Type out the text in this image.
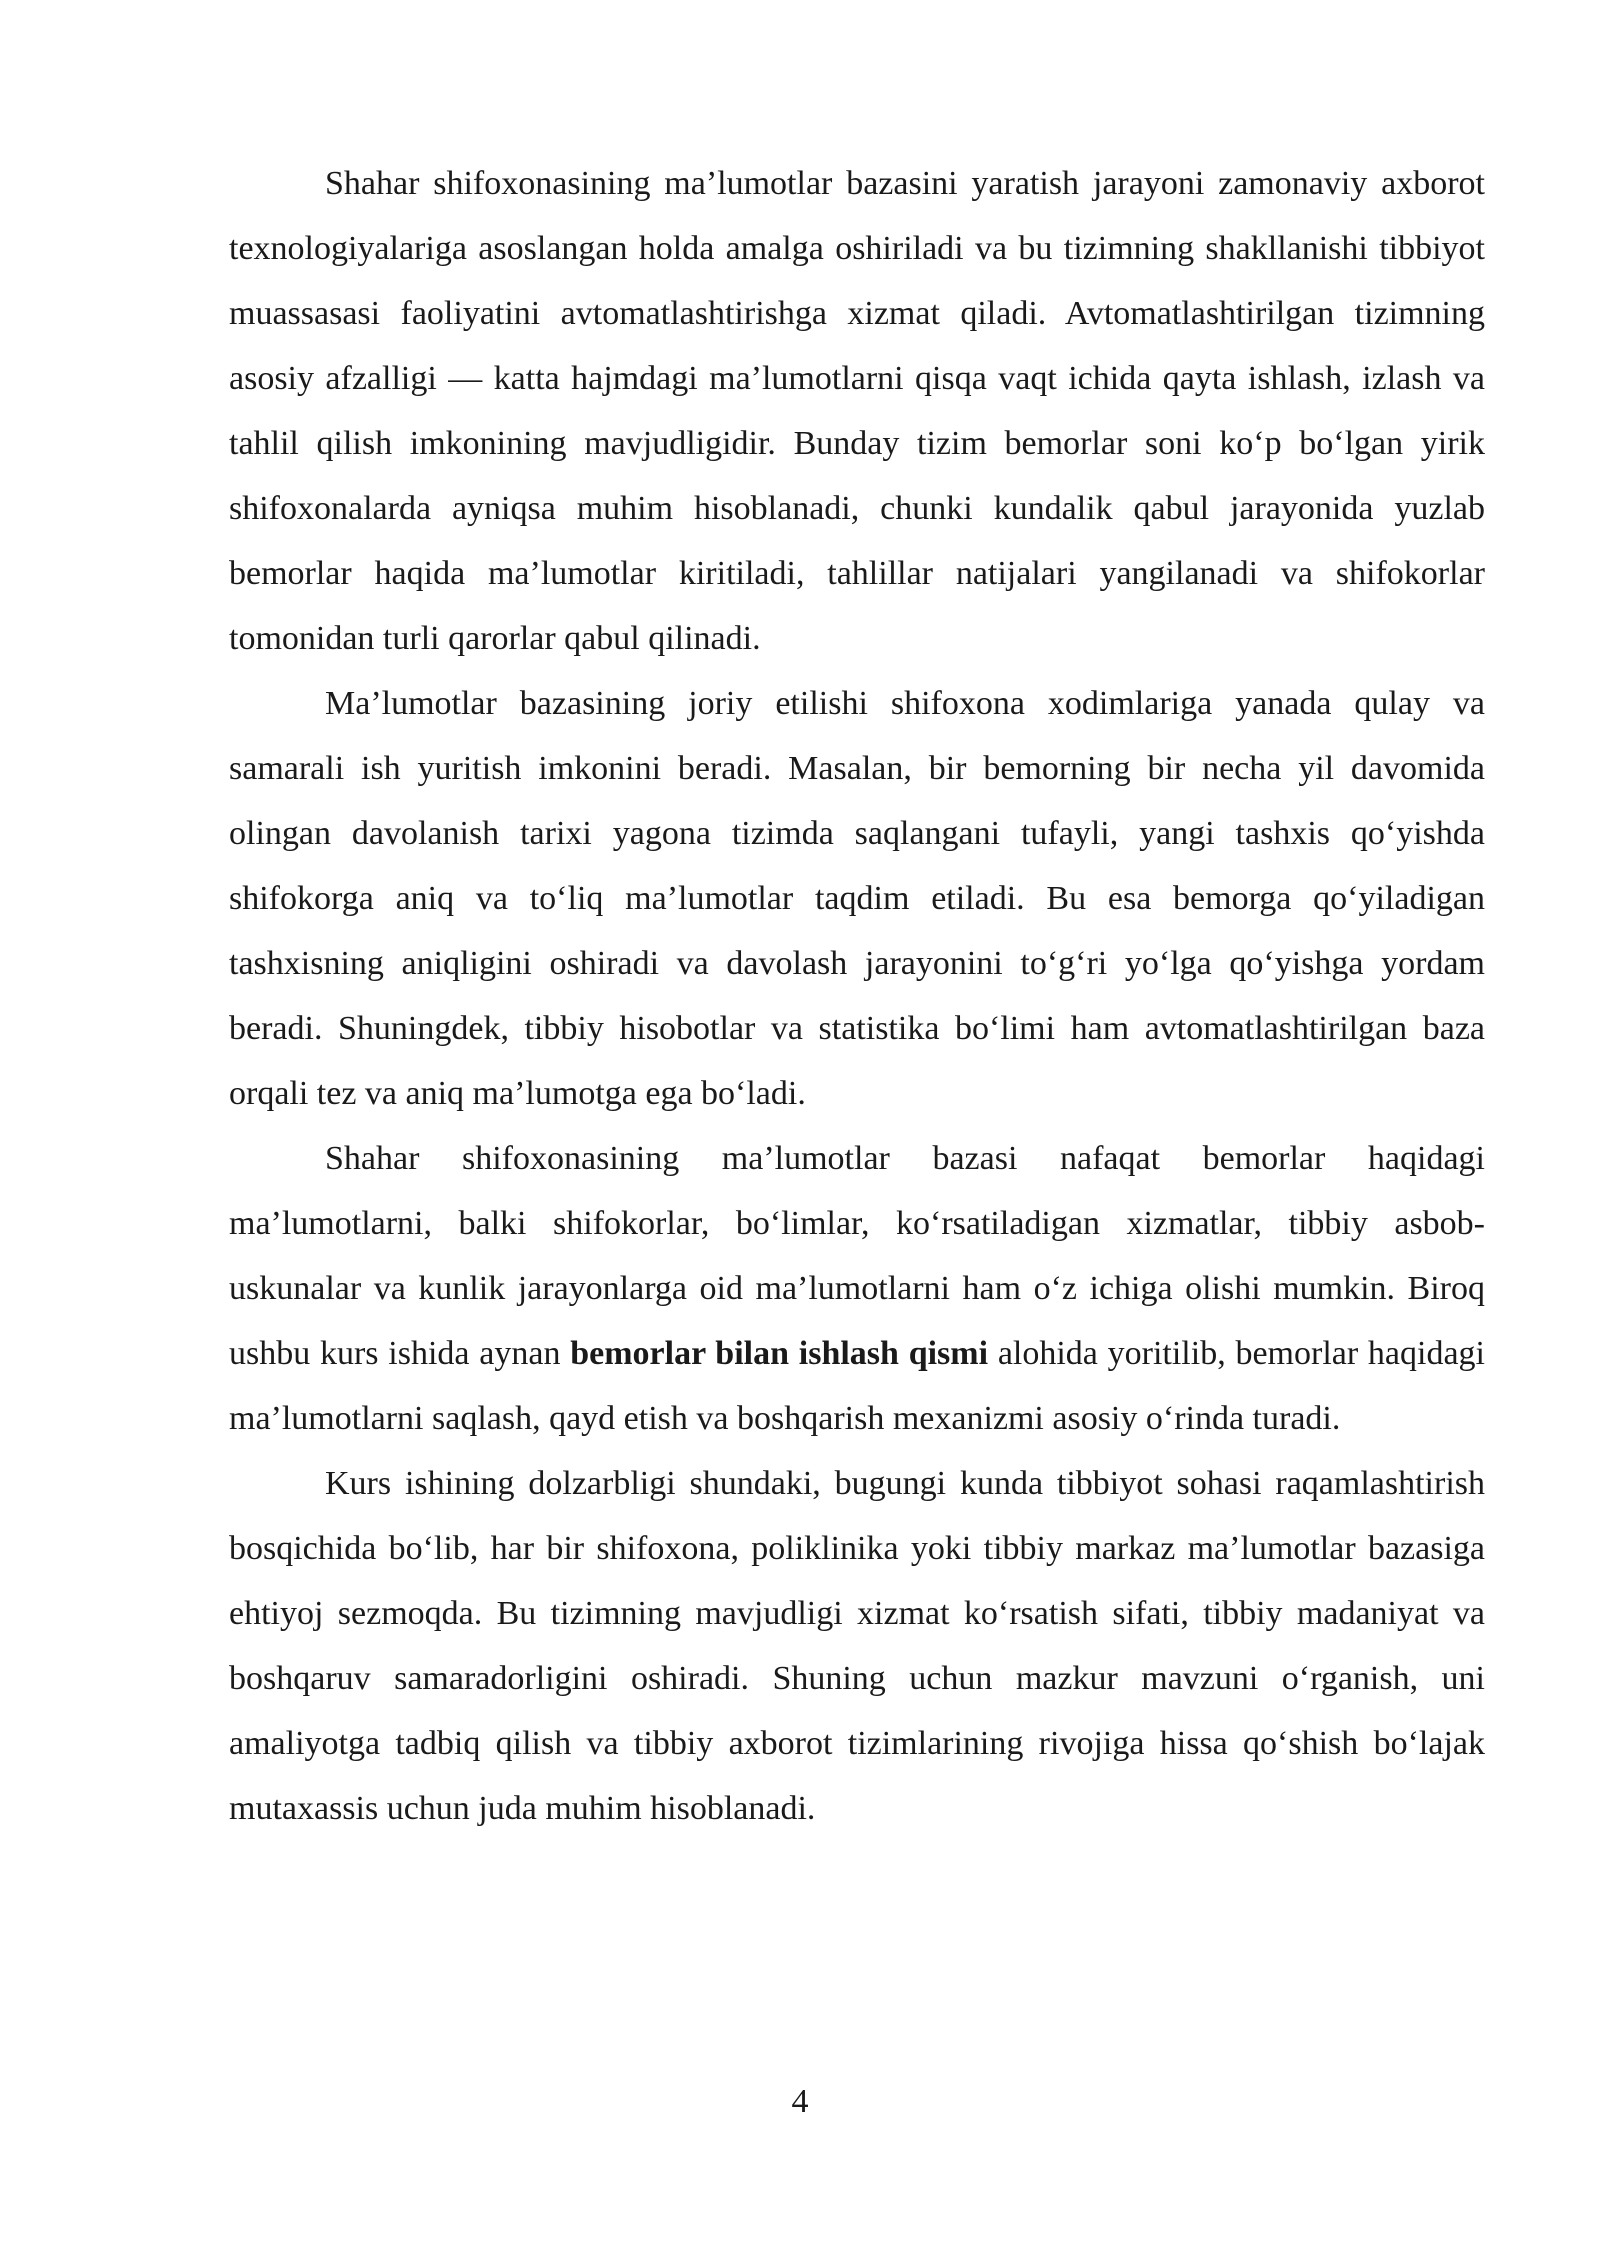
Shahar shifoxonasining ma’lumotlar bazasini yaratish jarayoni zamonaviy axborot texnologiyalariga asoslangan holda amalga oshiriladi va bu tizimning shakllanishi tibbiyot muassasasi faoliyatini avtomatlashtirishga xizmat qiladi. Avtomatlashtirilgan tizimning asosiy afzalligi — katta hajmdagi ma’lumotlarni qisqa vaqt ichida qayta ishlash, izlash va tahlil qilish imkonining mavjudligidir. Bunday tizim bemorlar soni koʻp boʻlgan yirik shifoxonalarda ayniqsa muhim hisoblanadi, chunki kundalik qabul jarayonida yuzlab bemorlar haqida ma’lumotlar kiritiladi, tahlillar natijalari yangilanadi va shifokorlar tomonidan turli qarorlar qabul qilinadi.

Ma’lumotlar bazasining joriy etilishi shifoxona xodimlariga yanada qulay va samarali ish yuritish imkonini beradi. Masalan, bir bemorning bir necha yil davomida olingan davolanish tarixi yagona tizimda saqlangani tufayli, yangi tashxis qoʻyishda shifokorga aniq va toʻliq ma’lumotlar taqdim etiladi. Bu esa bemorga qoʻyiladigan tashxisning aniqligini oshiradi va davolash jarayonini toʻgʻri yoʻlga qoʻyishga yordam beradi. Shuningdek, tibbiy hisobotlar va statistika boʻlimi ham avtomatlashtirilgan baza orqali tez va aniq ma’lumotga ega boʻladi.

Shahar shifoxonasining ma’lumotlar bazasi nafaqat bemorlar haqidagi ma’lumotlarni, balki shifokorlar, boʻlimlar, koʻrsatiladigan xizmatlar, tibbiy asbob-uskunalar va kunlik jarayonlarga oid ma’lumotlarni ham oʻz ichiga olishi mumkin. Biroq ushbu kurs ishida aynan bemorlar bilan ishlash qismi alohida yoritilib, bemorlar haqidagi ma’lumotlarni saqlash, qayd etish va boshqarish mexanizmi asosiy oʻrinda turadi.

Kurs ishining dolzarbligi shundaki, bugungi kunda tibbiyot sohasi raqamlashtirish bosqichida boʻlib, har bir shifoxona, poliklinika yoki tibbiy markaz ma’lumotlar bazasiga ehtiyoj sezmoqda. Bu tizimning mavjudligi xizmat koʻrsatish sifati, tibbiy madaniyat va boshqaruv samaradorligini oshiradi. Shuning uchun mazkur mavzuni oʻrganish, uni amaliyotga tadbiq qilish va tibbiy axborot tizimlarining rivojiga hissa qoʻshish boʻlajak mutaxassis uchun juda muhim hisoblanadi.

4
